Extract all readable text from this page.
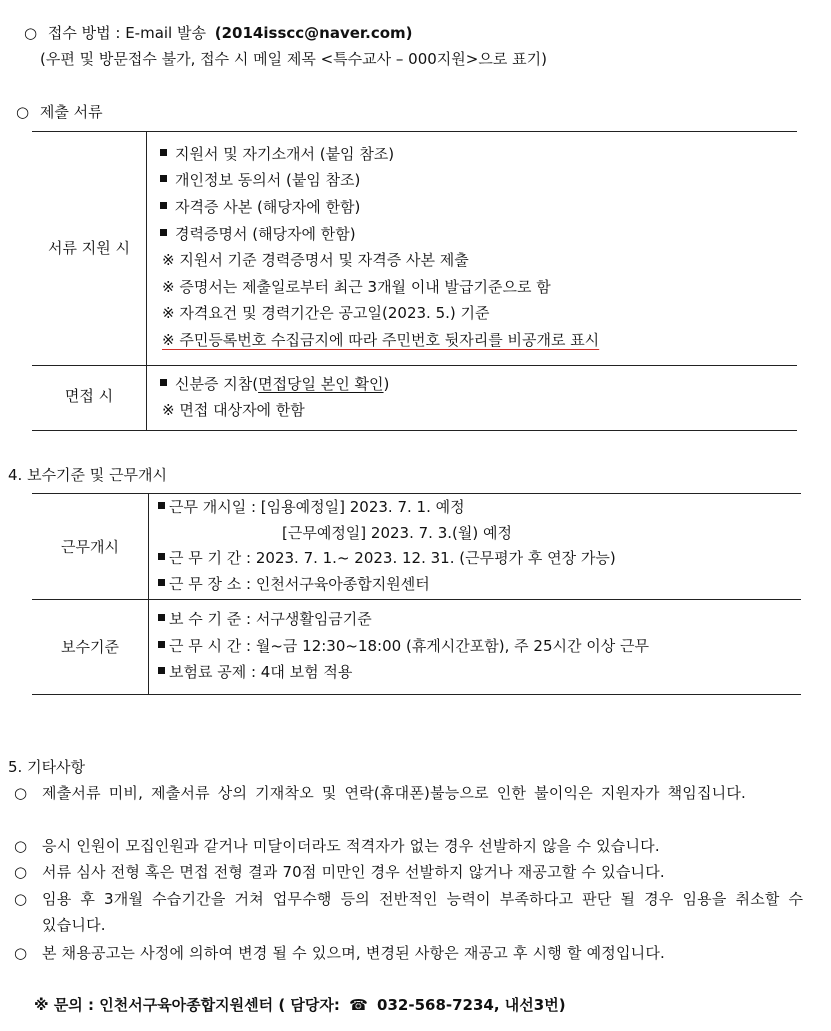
○ 접수 방법 : E-mail 발송 (2014isscc@naver.com)
(우편 및 방문접수 불가, 접수 시 메일 제목 <특수교사 – 000지원>으로 표기)
○ 제출 서류
서류 지원 시
지원서 및 자기소개서 (붙임 참조)
개인정보 동의서 (붙임 참조)
자격증 사본 (해당자에 한함)
경력증명서 (해당자에 한함)
※ 지원서 기준 경력증명서 및 자격증 사본 제출
※ 증명서는 제출일로부터 최근 3개월 이내 발급기준으로 함
※ 자격요건 및 경력기간은 공고일(2023. 5.) 기준
※ 주민등록번호 수집금지에 따라 주민번호 뒷자리를 비공개로 표시
면접 시
신분증 지참(면접당일 본인 확인)
※ 면접 대상자에 한함
4. 보수기준 및 근무개시
근무개시
근무 개시일 : [임용예정일] 2023. 7. 1. 예정
[근무예정일] 2023. 7. 3.(월) 예정
근 무 기 간 : 2023. 7. 1.~ 2023. 12. 31. (근무평가 후 연장 가능)
근 무 장 소 : 인천서구육아종합지원센터
보수기준
보 수 기 준 : 서구생활임금기준
근 무 시 간 : 월~금 12:30~18:00 (휴게시간포함), 주 25시간 이상 근무
보험료 공제 : 4대 보험 적용
5. 기타사항
○ 제출서류 미비, 제출서류 상의 기재착오 및 연락(휴대폰)불능으로 인한 불이익은 지원자가 책임집니다.
○ 응시 인원이 모집인원과 같거나 미달이더라도 적격자가 없는 경우 선발하지 않을 수 있습니다.
○ 서류 심사 전형 혹은 면접 전형 결과 70점 미만인 경우 선발하지 않거나 재공고할 수 있습니다.
○ 임용 후 3개월 수습기간을 거쳐 업무수행 등의 전반적인 능력이 부족하다고 판단 될 경우 임용을 취소할 수 있습니다.
○ 본 채용공고는 사정에 의하여 변경 될 수 있으며, 변경된 사항은 재공고 후 시행 할 예정입니다.
※ 문의 : 인천서구육아종합지원센터 ( 담당자: ☎ 032-568-7234, 내선3번)
